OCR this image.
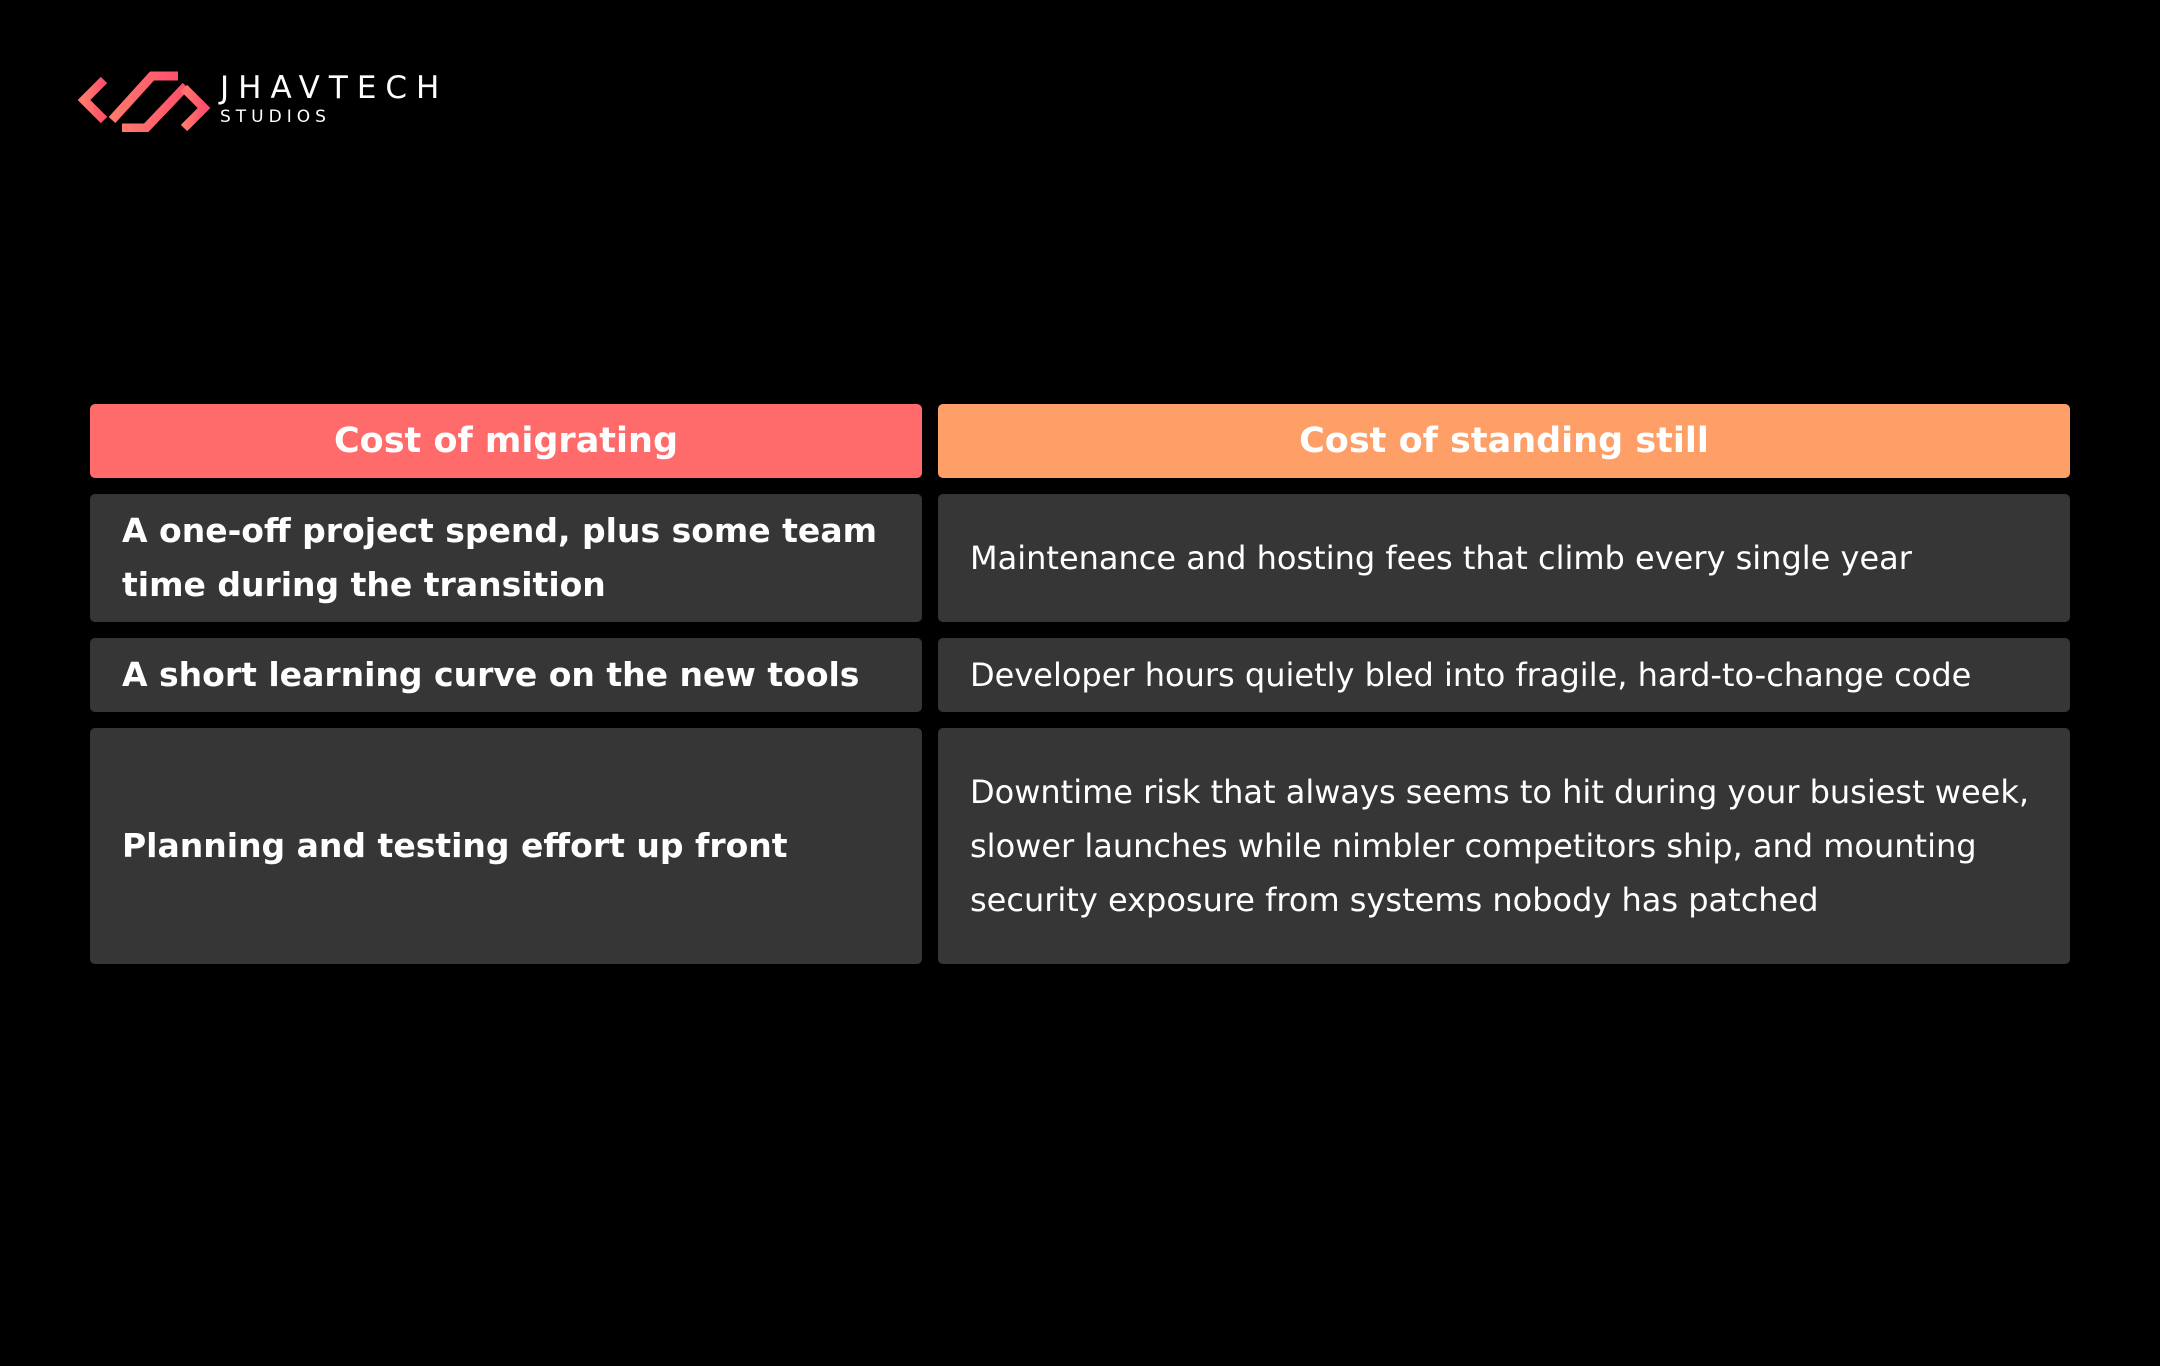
JHAVTECH
STUDIOS
Cost of migrating	Cost of standing still
A one-off project spend, plus some team time during the transition
Maintenance and hosting fees that climb every single year
A short learning curve on the new tools	Developer hours quietly bled into fragile, hard-to-change code
Planning and testing effort up front
Downtime risk that always seems to hit during your busiest week, slower launches while nimbler competitors ship, and mounting security exposure from systems nobody has patched
